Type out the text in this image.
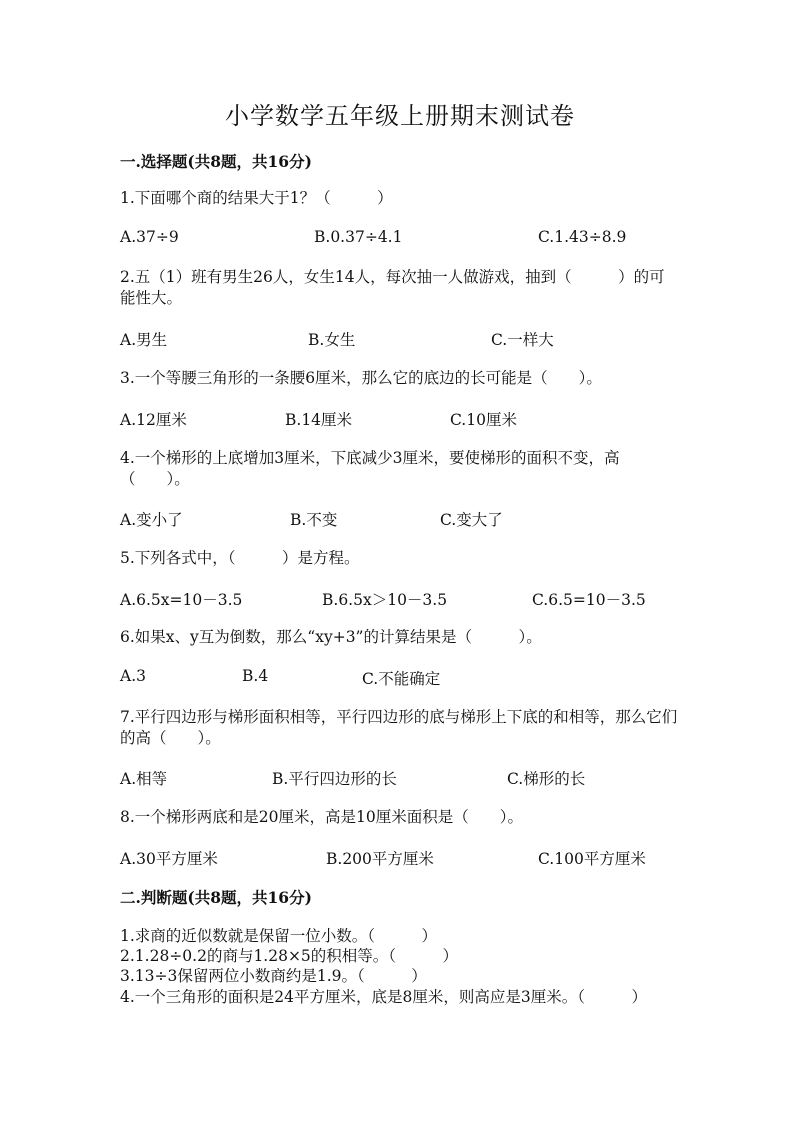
小学数学五年级上册期末测试卷
一.选择题(共8题，共16分)
1.下面哪个商的结果大于1？（　　　）
A.37÷9	B.0.37÷4.1	C.1.43÷8.9
2.五（1）班有男生26人，女生14人，每次抽一人做游戏，抽到（　　　）的可能性大。
A.男生	B.女生	C.一样大
3.一个等腰三角形的一条腰6厘米，那么它的底边的长可能是（　　）。
A.12厘米	B.14厘米	C.10厘米
4.一个梯形的上底增加3厘米，下底减少3厘米，要使梯形的面积不变，高（　　）。
A.变小了	B.不变	C.变大了
5.下列各式中，（　　　）是方程。
A.6.5x=10－3.5	B.6.5x＞10－3.5	C.6.5=10－3.5
6.如果x、y互为倒数，那么“xy+3”的计算结果是（　　　）。
A.3	B.4	C.不能确定
7.平行四边形与梯形面积相等，平行四边形的底与梯形上下底的和相等，那么它们的高（　　）。
A.相等	B.平行四边形的长	C.梯形的长
8.一个梯形两底和是20厘米，高是10厘米面积是（　　）。
A.30平方厘米	B.200平方厘米	C.100平方厘米
二.判断题(共8题，共16分)
1.求商的近似数就是保留一位小数。（　　　）
2.1.28÷0.2的商与1.28×5的积相等。（　　　）
3.13÷3保留两位小数商约是1.9。（　　　）
4.一个三角形的面积是24平方厘米，底是8厘米，则高应是3厘米。（　　　）
